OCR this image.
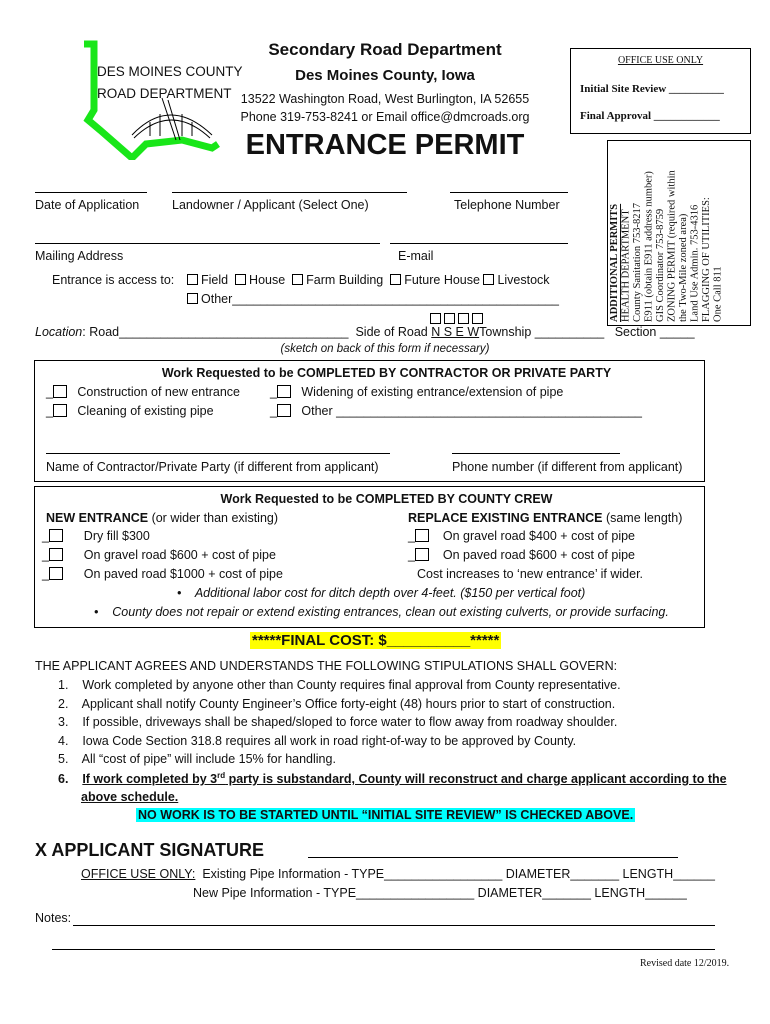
DES MOINES COUNTY
ROAD DEPARTMENT
Secondary Road Department
Des Moines County, Iowa
13522 Washington Road, West Burlington, IA 52655
Phone 319-753-8241 or Email office@dmcroads.org
ENTRANCE PERMIT
OFFICE USE ONLY
Initial Site Review __________
Final Approval ____________
ADDITIONAL PERMITS HEALTH DEPARTMENT County Sanitation 753-8217 E911 (obtain E911 address number) GIS Coordinator 753-8759 ZONING PERMIT (required within the Two-Mile zoned area) Land Use Admin. 753-4316 FLAGGING OF UTILITIES: One Call 811
Date of Application	Landowner / Applicant (Select One)	Telephone Number
Mailing Address	E-mail
Entrance is access to:	Field House Farm Building Future House Livestock
Other_______________________________________________
Location: Road_________________________________ Side of Road N S E WTownship __________ Section _____
(sketch on back of this form if necessary)
Work Requested to be COMPLETED BY CONTRACTOR OR PRIVATE PARTY
_ Construction of new entrance
_ Cleaning of existing pipe
_ Widening of existing entrance/extension of pipe
_ Other ____________________________________________
Name of Contractor/Private Party (if different from applicant)	Phone number (if different from applicant)
Work Requested to be COMPLETED BY COUNTY CREW
NEW ENTRANCE (or wider than existing)
_	Dry fill $300
_	On gravel road $600 + cost of pipe
_	On paved road $1000 + cost of pipe
REPLACE EXISTING ENTRANCE (same length)
_ On gravel road $400 + cost of pipe
_ On paved road $600 + cost of pipe
Cost increases to ‘new entrance’ if wider.
•    Additional labor cost for ditch depth over 4-feet. ($150 per vertical foot)
•    County does not repair or extend existing entrances, clean out existing culverts, or provide surfacing.
*****FINAL COST: $__________*****
THE APPLICANT AGREES AND UNDERSTANDS THE FOLLOWING STIPULATIONS SHALL GOVERN:
1.    Work completed by anyone other than County requires final approval from County representative.
2.    Applicant shall notify County Engineer’s Office forty-eight (48) hours prior to start of construction.
3.    If possible, driveways shall be shaped/sloped to force water to flow away from roadway shoulder.
4.    Iowa Code Section 318.8 requires all work in road right-of-way to be approved by County.
5.    All “cost of pipe” will include 15% for handling.
6.    If work completed by 3rd party is substandard, County will reconstruct and charge applicant according to the
above schedule.
NO WORK IS TO BE STARTED UNTIL “INITIAL SITE REVIEW” IS CHECKED ABOVE.
X APPLICANT SIGNATURE
OFFICE USE ONLY: Existing Pipe Information - TYPE_________________ DIAMETER_______ LENGTH______
New Pipe Information - TYPE_________________ DIAMETER_______ LENGTH______
Notes:
Revised date 12/2019.
